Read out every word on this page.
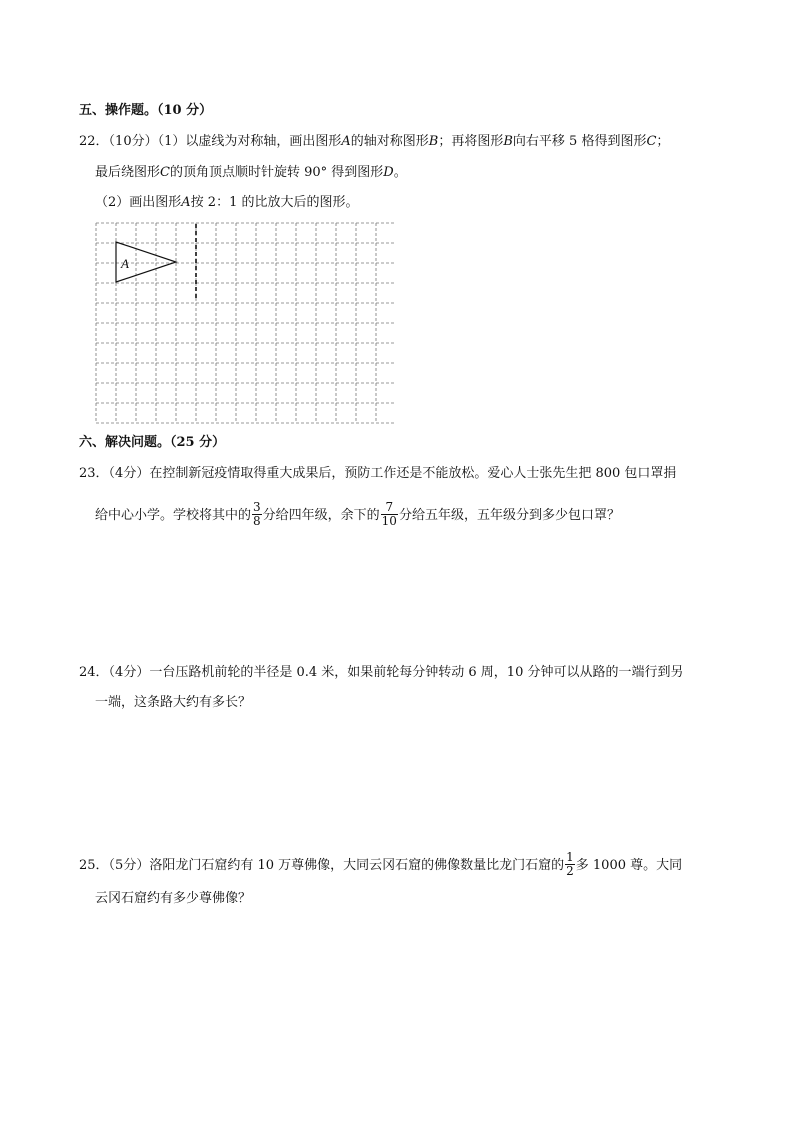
五、操作题。（10 分）
22．（10分）（1）以虚线为对称轴，画出图形A的轴对称图形B；再将图形B向右平移 5 格得到图形C；
最后绕图形C的顶角顶点顺时针旋转 90° 得到图形D。
（2）画出图形A按 2：1 的比放大后的图形。
A
六、解决问题。（25 分）
23．（4分）在控制新冠疫情取得重大成果后，预防工作还是不能放松。爱心人士张先生把 800 包口罩捐
给中心小学。学校将其中的 $\frac{3}{8}$ 分给四年级，余下的 $\frac{7}{10}$ 分给五年级，五年级分到多少包口罩？
24．（4分）一台压路机前轮的半径是 0.4 米，如果前轮每分钟转动 6 周，10 分钟可以从路的一端行到另
一端，这条路大约有多长？
25．（5分）洛阳龙门石窟约有 10 万尊佛像，大同云冈石窟的佛像数量比龙门石窟的 $\frac{1}{2}$ 多 1000 尊。大同
云冈石窟约有多少尊佛像？
